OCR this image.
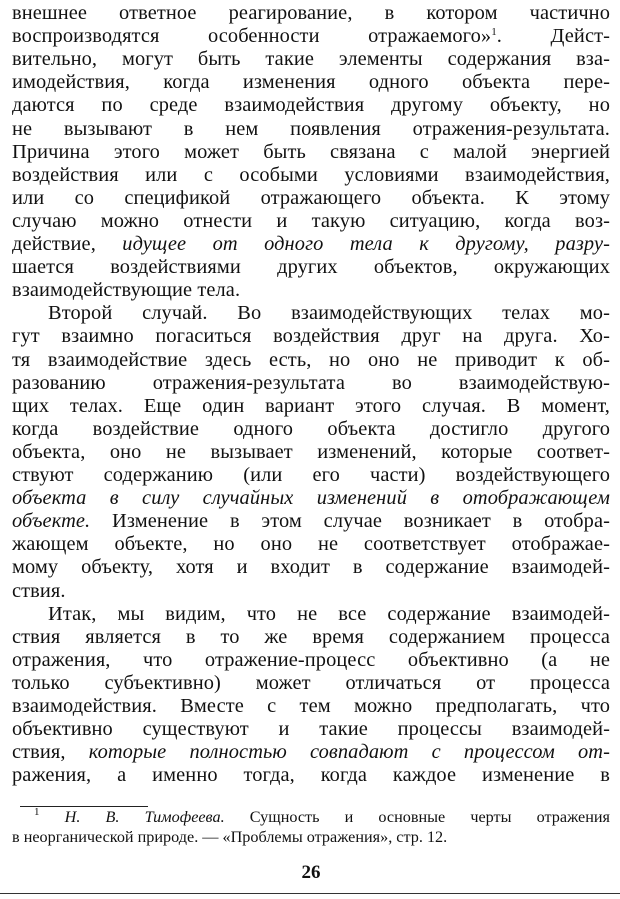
внешнее ответное реагирование, в котором частично
воспроизводятся особенности отражаемого»$^1$. Дейст-
вительно, могут быть такие элементы содержания вза-
имодействия, когда изменения одного объекта пере-
даются по среде взаимодействия другому объекту, но
не вызывают в нем появления отражения-результата.
Причина этого может быть связана с малой энергией
воздействия или с особыми условиями взаимодействия,
или со спецификой отражающего объекта. К этому
случаю можно отнести и такую ситуацию, когда воз-
действие, идущее от одного тела к другому, разру-
шается воздействиями других объектов, окружающих
взаимодействующие тела.
Второй случай. Во взаимодействующих телах мо-
гут взаимно погаситься воздействия друг на друга. Хо-
тя взаимодействие здесь есть, но оно не приводит к об-
разованию отражения-результата во взаимодействую-
щих телах. Еще один вариант этого случая. В момент,
когда воздействие одного объекта достигло другого
объекта, оно не вызывает изменений, которые соответ-
ствуют содержанию (или его части) воздействующего
объекта в силу случайных изменений в отображающем
объекте. Изменение в этом случае возникает в отобра-
жающем объекте, но оно не соответствует отображае-
мому объекту, хотя и входит в содержание взаимодей-
ствия.
Итак, мы видим, что не все содержание взаимодей-
ствия является в то же время содержанием процесса
отражения, что отражение-процесс объективно (а не
только субъективно) может отличаться от процесса
взаимодействия. Вместе с тем можно предполагать, что
объективно существуют и такие процессы взаимодей-
ствия, которые полностью совпадают с процессом от-
ражения, а именно тогда, когда каждое изменение в
$^1$ Н. В. Тимофеева. Сущность и основные черты отражения
в неорганической природе. — «Проблемы отражения», стр. 12.
26
